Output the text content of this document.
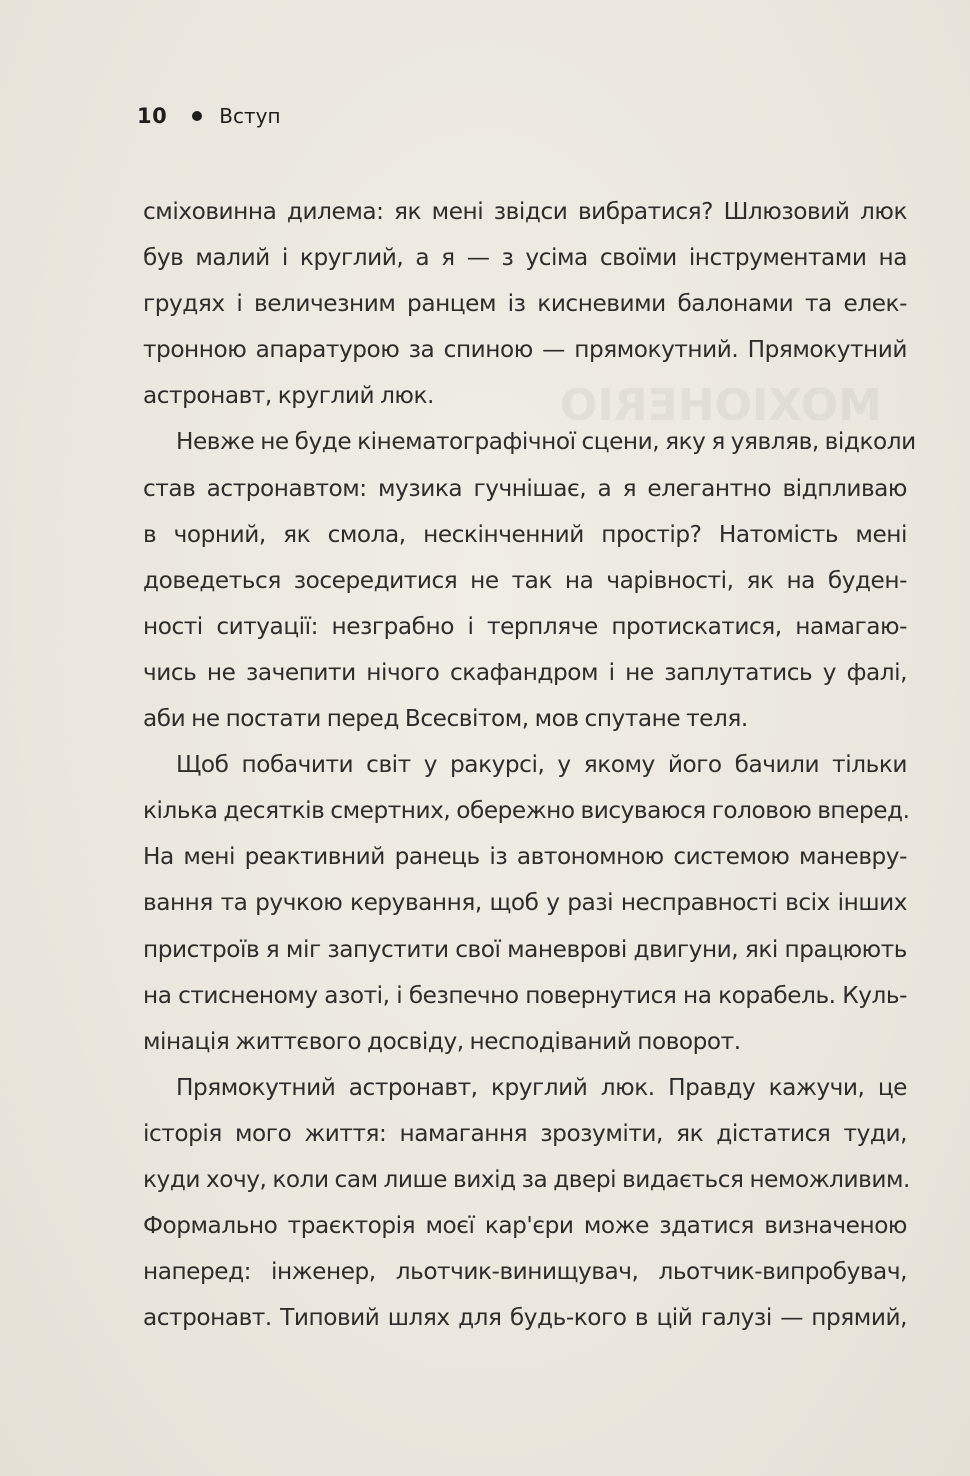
MOXIOHERIO
10	Вступ
сміховинна дилема: як мені звідси вибратися? Шлюзовий люк
був малий і круглий, а я — з усіма своїми інструментами на
грудях і величезним ранцем із кисневими балонами та елек-
тронною апаратурою за спиною — прямокутний. Прямокутний
астронавт, круглий люк.
Невже не буде кінематографічної сцени, яку я уявляв, відколи
став астронавтом: музика гучнішає, а я елегантно відпливаю
в чорний, як смола, нескінченний простір? Натомість мені
доведеться зосередитися не так на чарівності, як на буден-
ності ситуації: незграбно і терпляче протискатися, намагаю-
чись не зачепити нічого скафандром і не заплутатись у фалі,
аби не постати перед Всесвітом, мов спутане теля.
Щоб побачити світ у ракурсі, у якому його бачили тільки
кілька десятків смертних, обережно висуваюся головою вперед.
На мені реактивний ранець із автономною системою маневру-
вання та ручкою керування, щоб у разі несправності всіх інших
пристроїв я міг запустити свої маневрові двигуни, які працюють
на стисненому азоті, і безпечно повернутися на корабель. Куль-
мінація життєвого досвіду, несподіваний поворот.
Прямокутний астронавт, круглий люк. Правду кажучи, це
історія мого життя: намагання зрозуміти, як дістатися туди,
куди хочу, коли сам лише вихід за двері видається неможливим.
Формально траєкторія моєї кар'єри може здатися визначеною
наперед: інженер, льотчик-винищувач, льотчик-випробувач,
астронавт. Типовий шлях для будь-кого в цій галузі — прямий,
